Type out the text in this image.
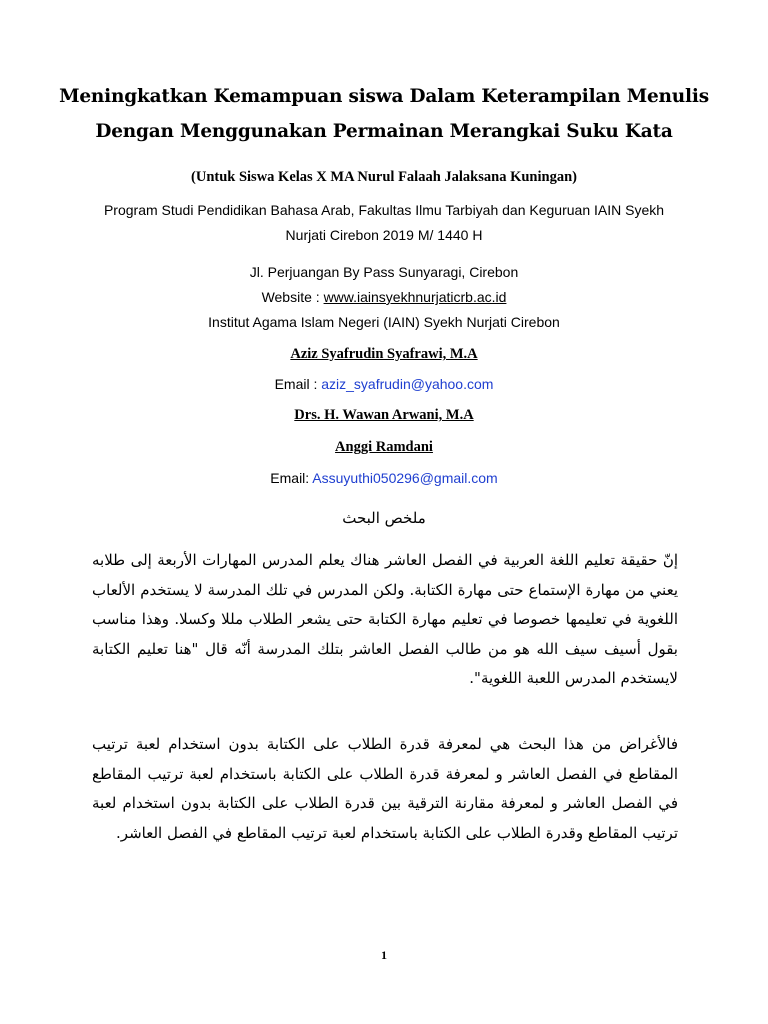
Meningkatkan Kemampuan siswa Dalam Keterampilan Menulis
Dengan Menggunakan Permainan Merangkai Suku Kata
(Untuk Siswa Kelas X MA Nurul Falaah Jalaksana Kuningan)
Program Studi Pendidikan Bahasa Arab, Fakultas Ilmu Tarbiyah dan Keguruan IAIN Syekh
Nurjati Cirebon 2019 M/ 1440 H
Jl. Perjuangan By Pass Sunyaragi, Cirebon
Website : www.iainsyekhnurjaticrb.ac.id
Institut Agama Islam Negeri (IAIN) Syekh Nurjati Cirebon
Aziz Syafrudin Syafrawi, M.A
Email : aziz_syafrudin@yahoo.com
Drs. H. Wawan Arwani, M.A
Anggi Ramdani
Email: Assuyuthi050296@gmail.com
ملخص البحث
إنّ حقيقة تعليم اللغة العربية في الفصل العاشر هناك يعلم المدرس المهارات الأربعة إلى طلابه يعني من مهارة الإستماع حتى مهارة الكتابة. ولكن المدرس في تلك المدرسة لا يستخدم الألعاب اللغوية في تعليمها خصوصا في تعليم مهارة الكتابة حتى يشعر الطلاب مللا وكسلا. وهذا مناسب بقول أسيف سيف الله هو من طالب الفصل العاشر بتلك المدرسة أنّه قال "هنا تعليم الكتابة لايستخدم المدرس اللعبة اللغوية".
فالأغراض من هذا البحث هي لمعرفة قدرة الطلاب على الكتابة بدون استخدام لعبة ترتيب المقاطع في الفصل العاشر و لمعرفة قدرة الطلاب على الكتابة باستخدام لعبة ترتيب المقاطع في الفصل العاشر و لمعرفة مقارنة الترقية بين قدرة الطلاب على الكتابة بدون استخدام لعبة ترتيب المقاطع وقدرة الطلاب على الكتابة باستخدام لعبة ترتيب المقاطع في الفصل العاشر.
1
